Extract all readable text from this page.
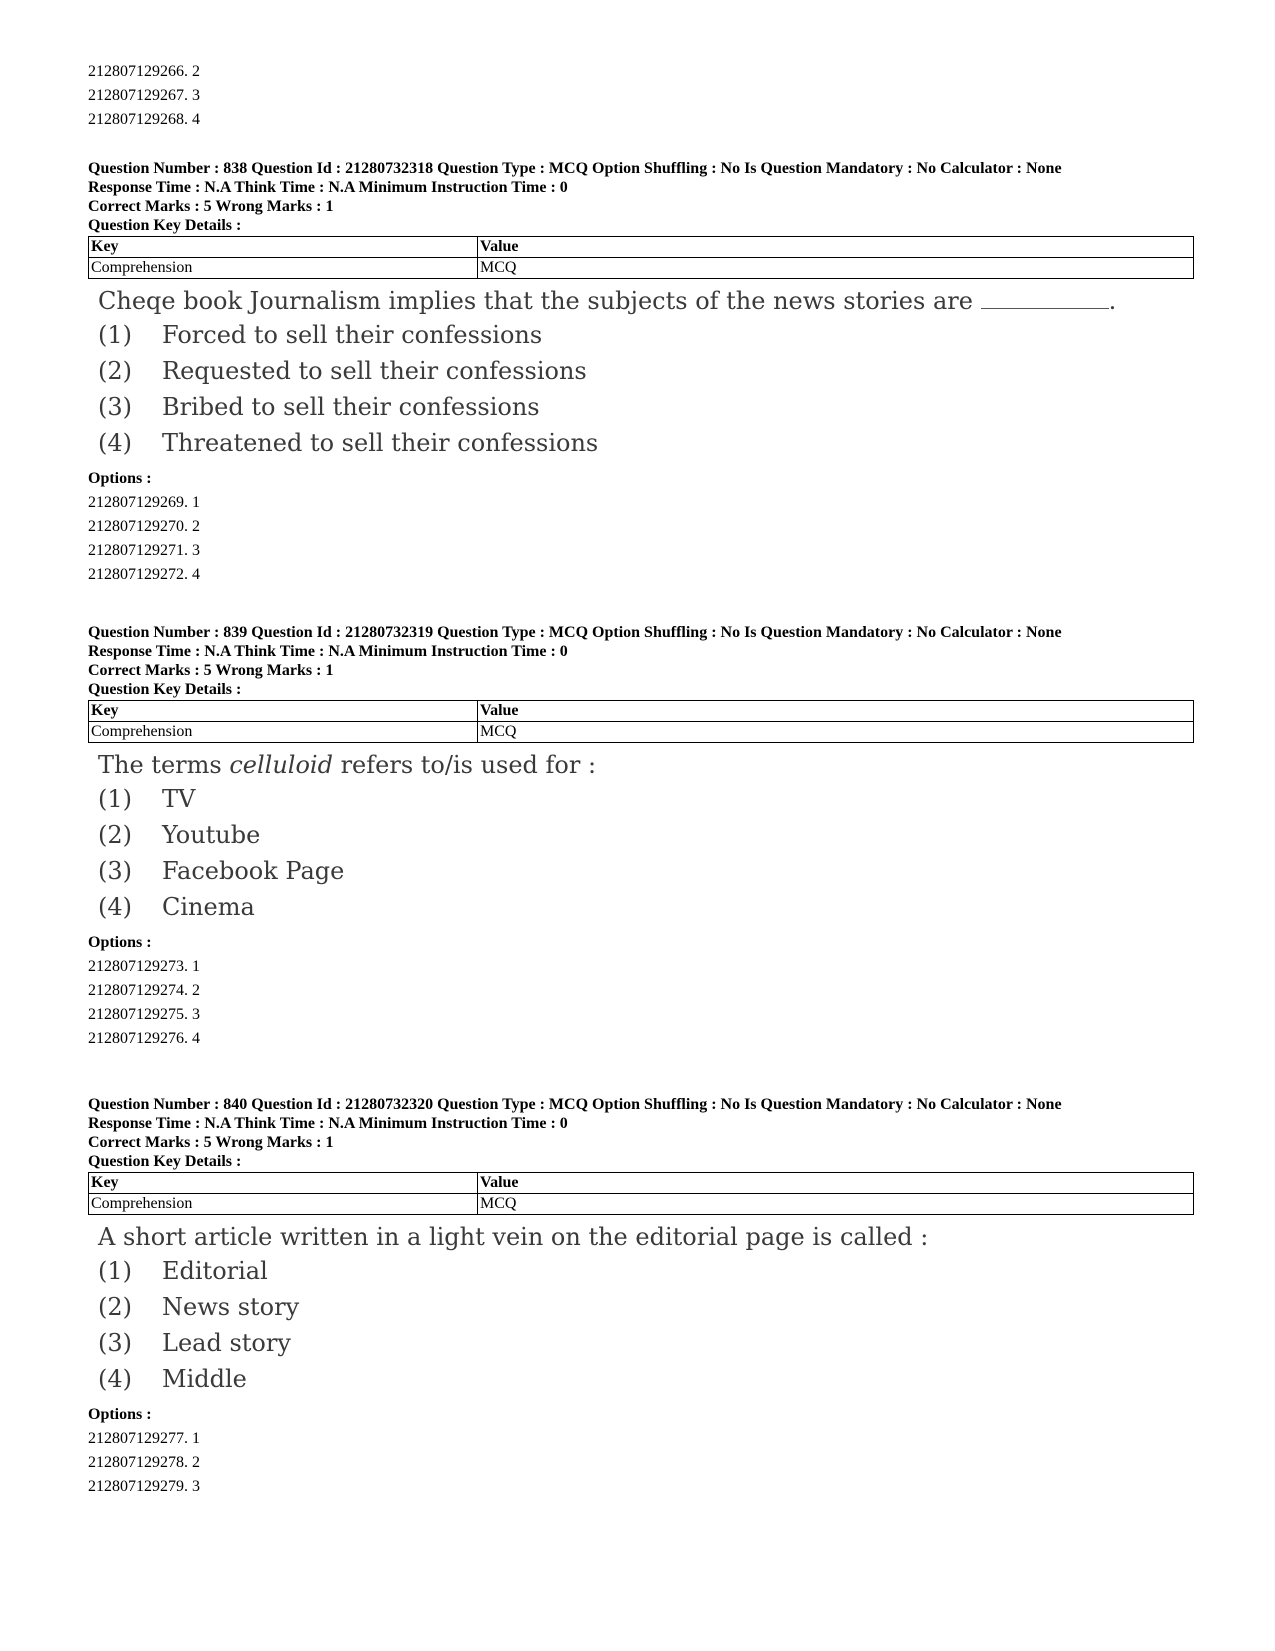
212807129266. 2
212807129267. 3
212807129268. 4
Question Number : 838 Question Id : 21280732318 Question Type : MCQ Option Shuffling : No Is Question Mandatory : No Calculator : None
Response Time : N.A Think Time : N.A Minimum Instruction Time : 0
Correct Marks : 5 Wrong Marks : 1
Question Key Details :
Key	Value
Comprehension	MCQ
Cheqe book Journalism implies that the subjects of the news stories are	.
(1)	Forced to sell their confessions
(2)	Requested to sell their confessions
(3)	Bribed to sell their confessions
(4)	Threatened to sell their confessions
Options :
212807129269. 1
212807129270. 2
212807129271. 3
212807129272. 4
Question Number : 839 Question Id : 21280732319 Question Type : MCQ Option Shuffling : No Is Question Mandatory : No Calculator : None
Response Time : N.A Think Time : N.A Minimum Instruction Time : 0
Correct Marks : 5 Wrong Marks : 1
Question Key Details :
Key	Value
Comprehension	MCQ
The terms celluloid refers to/is used for :
(1)	TV
(2)	Youtube
(3)	Facebook Page
(4)	Cinema
Options :
212807129273. 1
212807129274. 2
212807129275. 3
212807129276. 4
Question Number : 840 Question Id : 21280732320 Question Type : MCQ Option Shuffling : No Is Question Mandatory : No Calculator : None
Response Time : N.A Think Time : N.A Minimum Instruction Time : 0
Correct Marks : 5 Wrong Marks : 1
Question Key Details :
Key	Value
Comprehension	MCQ
A short article written in a light vein on the editorial page is called :
(1)	Editorial
(2)	News story
(3)	Lead story
(4)	Middle
Options :
212807129277. 1
212807129278. 2
212807129279. 3
